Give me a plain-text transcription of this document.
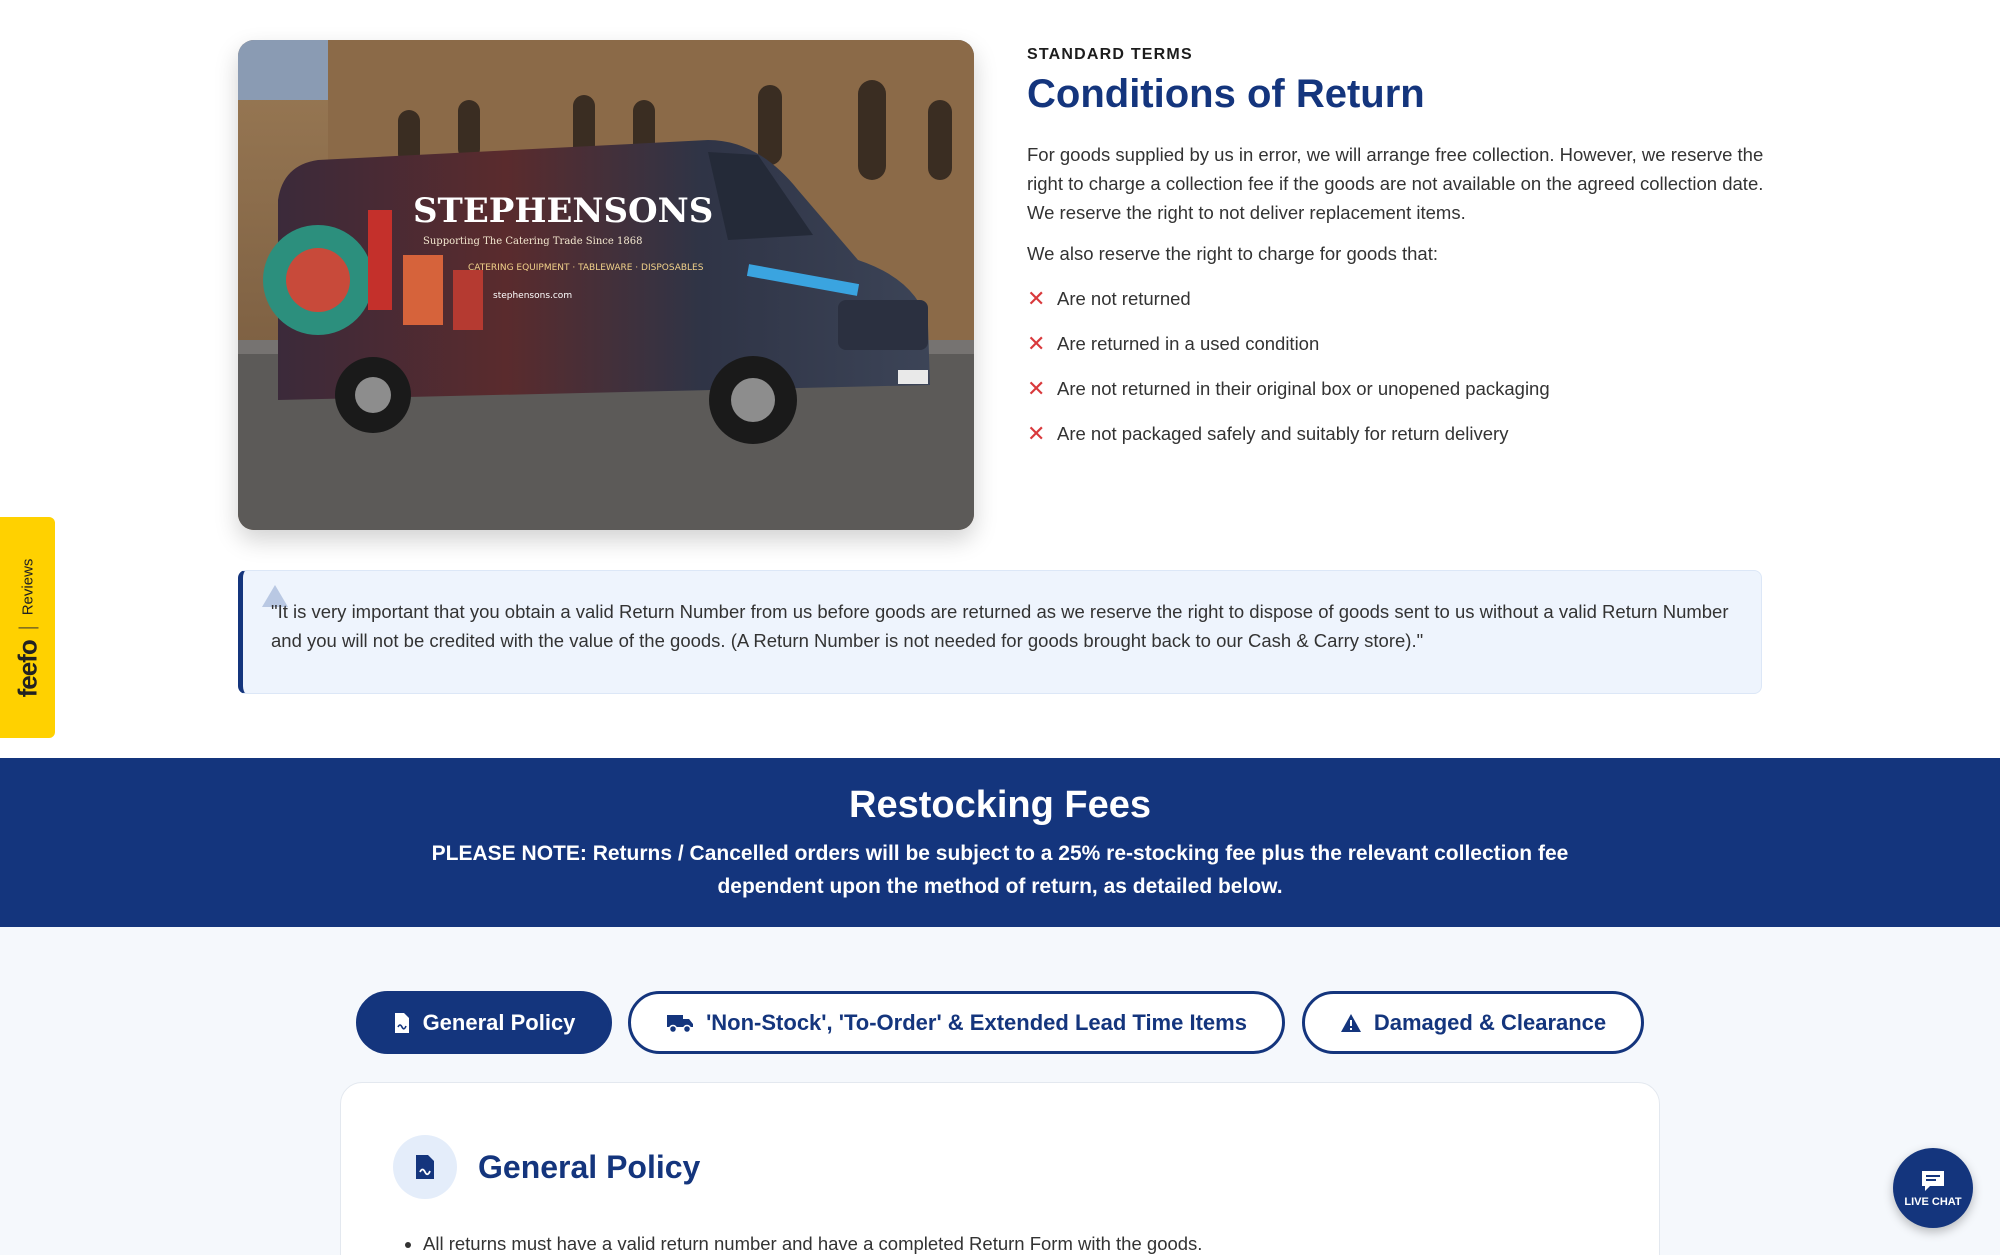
STEPHENSONS
Supporting The Catering Trade Since 1868
CATERING EQUIPMENT · TABLEWARE · DISPOSABLES
stephensons.com
STANDARD TERMS
Conditions of Return

For goods supplied by us in error, we will arrange free collection. However, we reserve the right to charge a collection fee if the goods are not available on the agreed collection date. We reserve the right to not deliver replacement items.

We also reserve the right to charge for goods that:

✕ Are not returned
✕ Are returned in a used condition
✕ Are not returned in their original box or unopened packaging
✕ Are not packaged safely and suitably for return delivery

"It is very important that you obtain a valid Return Number from us before goods are returned as we reserve the right to dispose of goods sent to us without a valid Return Number and you will not be credited with the value of the goods. (A Return Number is not needed for goods brought back to our Cash & Carry store)."

Restocking Fees

PLEASE NOTE: Returns / Cancelled orders will be subject to a 25% re-stocking fee plus the relevant collection fee dependent upon the method of return, as detailed below.

General Policy	'Non-Stock', 'To-Order' & Extended Lead Time Items	Damaged & Clearance
General Policy
• All returns must have a valid return number and have a completed Return Form with the goods.
feefo
Reviews
LIVE CHAT
